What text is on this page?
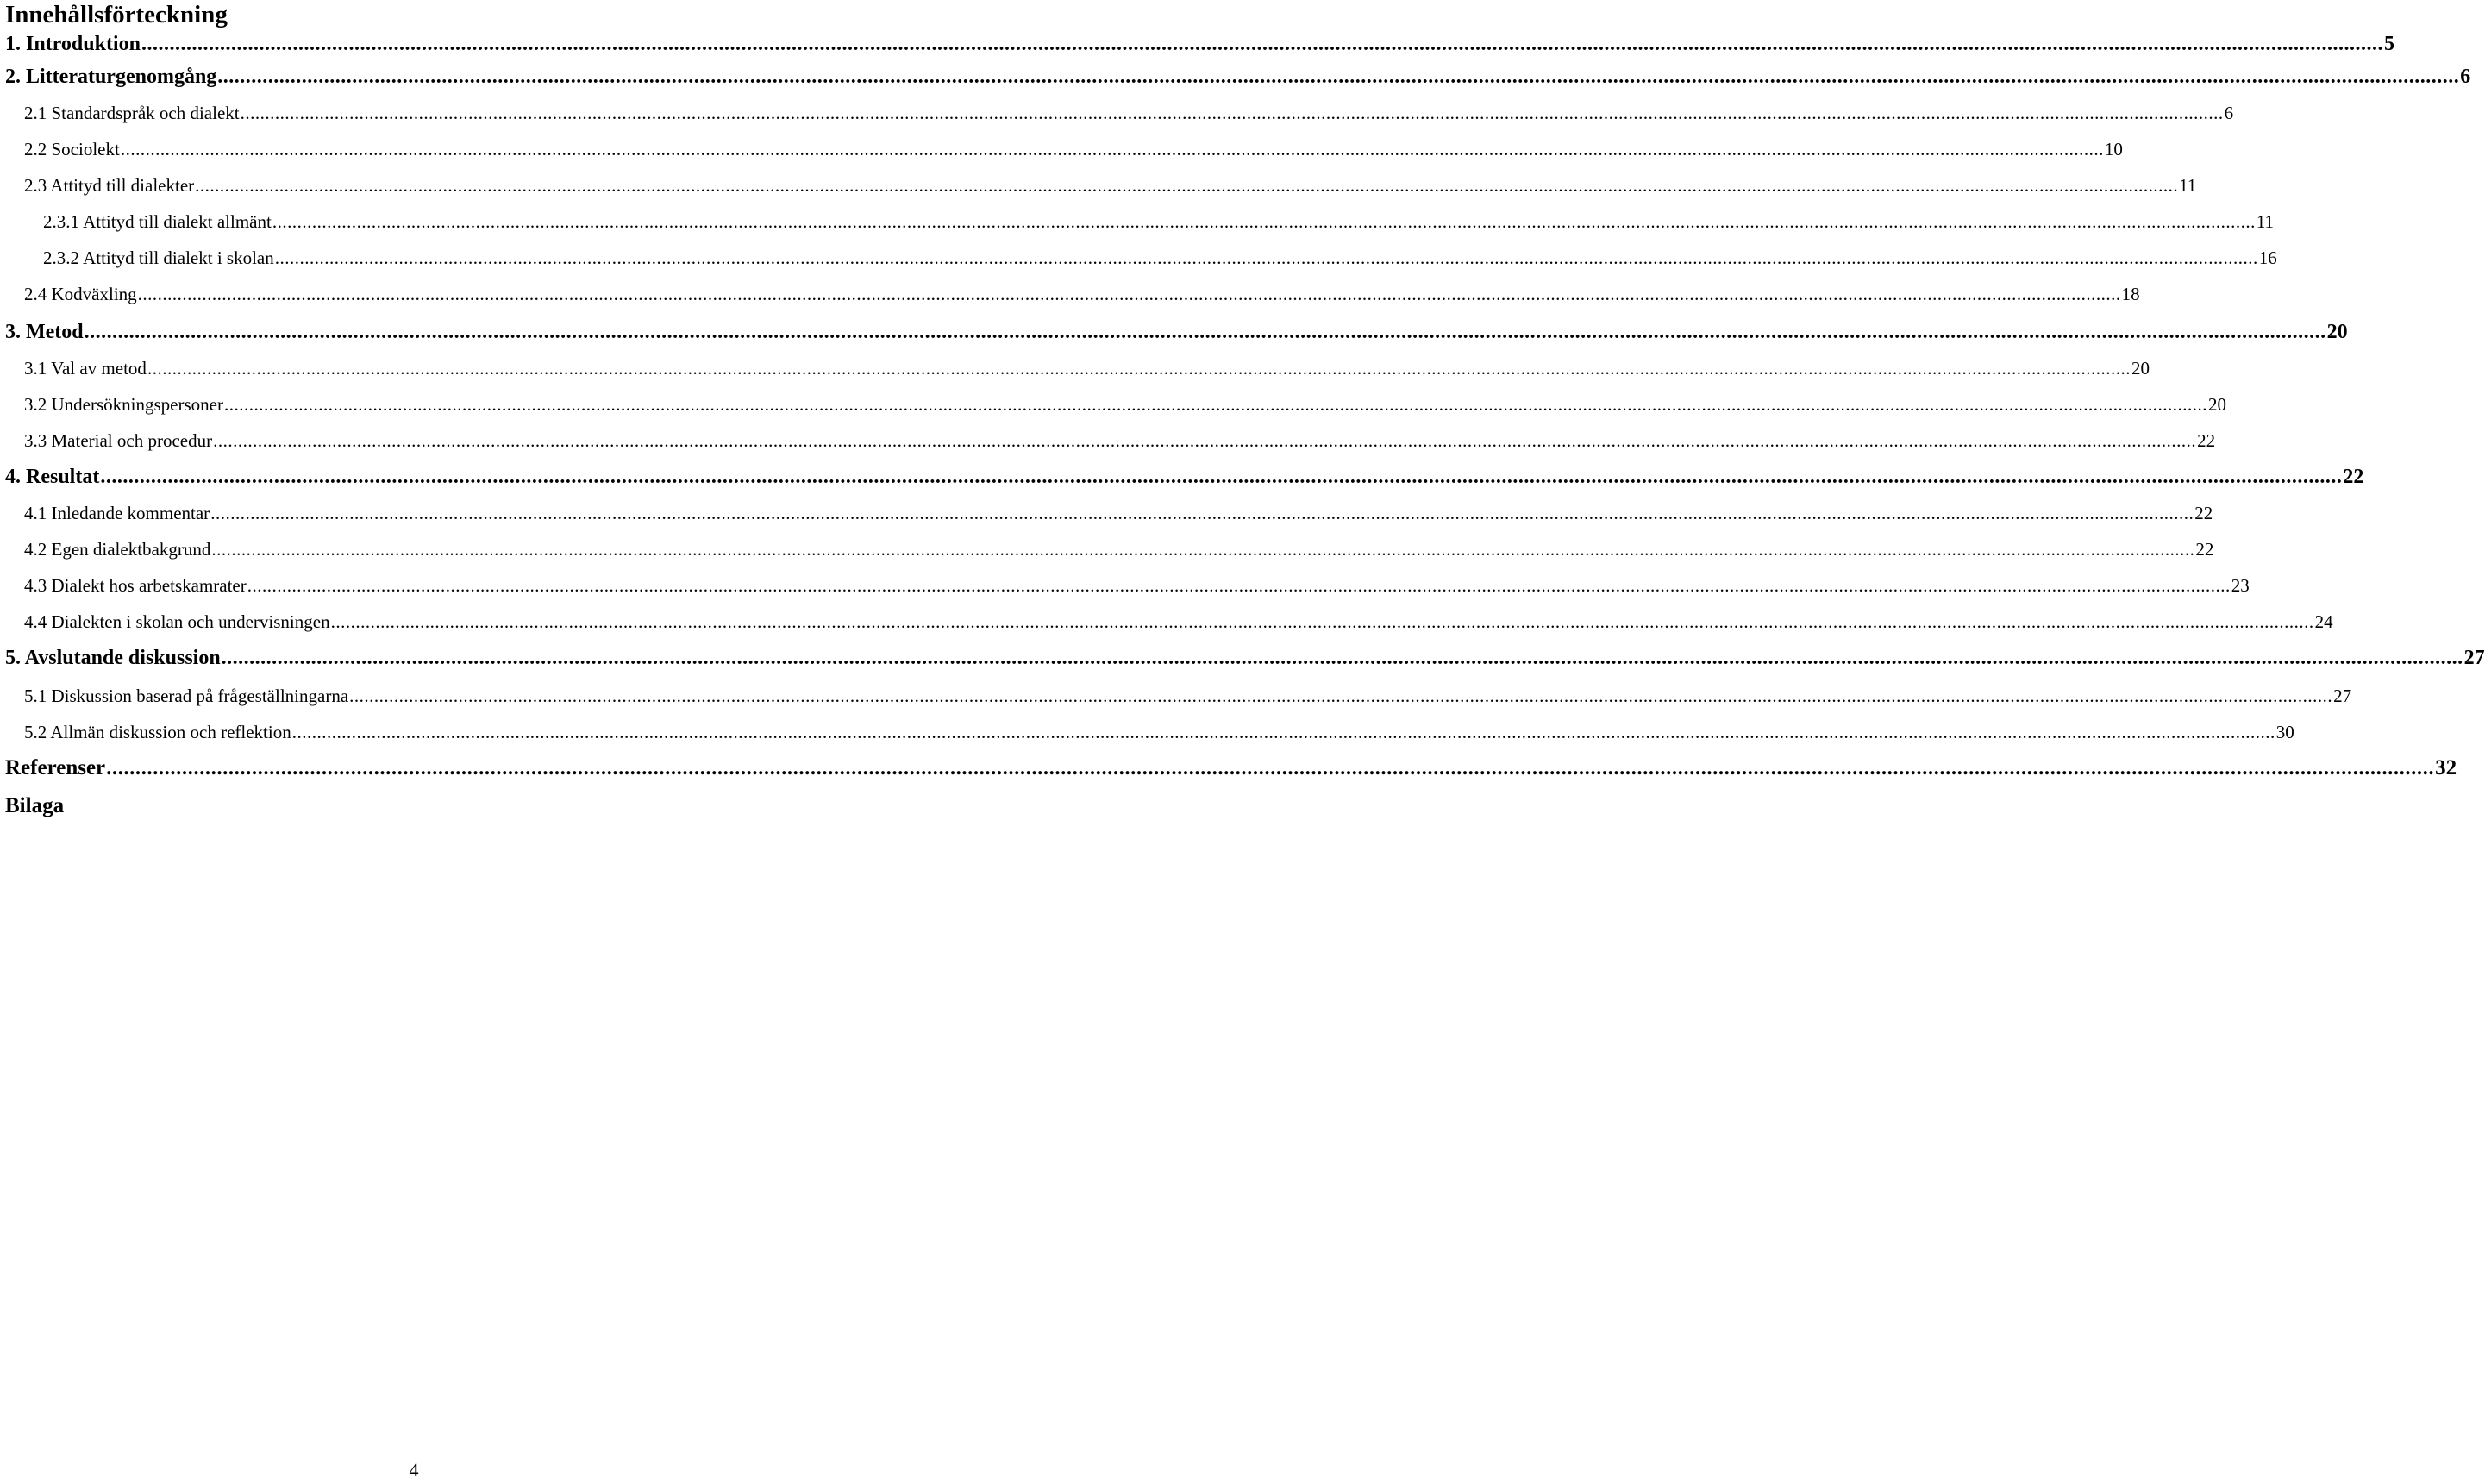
Innehållsförteckning
1. Introduktion ................................................................................................................................................................................................................................................................................................................................................................................................................ 5
2. Litteraturgenomgång ................................................................................................................................................................................................................................................................................................................................................................................................................ 6
2.1 Standardspråk och dialekt ................................................................................................................................................................................................................................................................................................................................................................................................................ 6
2.2 Sociolekt ................................................................................................................................................................................................................................................................................................................................................................................................................ 10
2.3 Attityd till dialekter ................................................................................................................................................................................................................................................................................................................................................................................................................ 11
2.3.1 Attityd till dialekt allmänt ................................................................................................................................................................................................................................................................................................................................................................................................................ 11
2.3.2 Attityd till dialekt i skolan ................................................................................................................................................................................................................................................................................................................................................................................................................ 16
2.4 Kodväxling ................................................................................................................................................................................................................................................................................................................................................................................................................ 18
3. Metod ................................................................................................................................................................................................................................................................................................................................................................................................................ 20
3.1 Val av metod ................................................................................................................................................................................................................................................................................................................................................................................................................ 20
3.2 Undersökningspersoner ................................................................................................................................................................................................................................................................................................................................................................................................................ 20
3.3 Material och procedur ................................................................................................................................................................................................................................................................................................................................................................................................................ 22
4. Resultat ................................................................................................................................................................................................................................................................................................................................................................................................................ 22
4.1 Inledande kommentar ................................................................................................................................................................................................................................................................................................................................................................................................................ 22
4.2 Egen dialektbakgrund ................................................................................................................................................................................................................................................................................................................................................................................................................ 22
4.3 Dialekt hos arbetskamrater ................................................................................................................................................................................................................................................................................................................................................................................................................ 23
4.4 Dialekten i skolan och undervisningen ................................................................................................................................................................................................................................................................................................................................................................................................................ 24
5. Avslutande diskussion ................................................................................................................................................................................................................................................................................................................................................................................................................ 27
5.1 Diskussion baserad på frågeställningarna ................................................................................................................................................................................................................................................................................................................................................................................................................ 27
5.2 Allmän diskussion och reflektion ................................................................................................................................................................................................................................................................................................................................................................................................................ 30
Referenser ................................................................................................................................................................................................................................................................................................................................................................................................................ 32
Bilaga
4
